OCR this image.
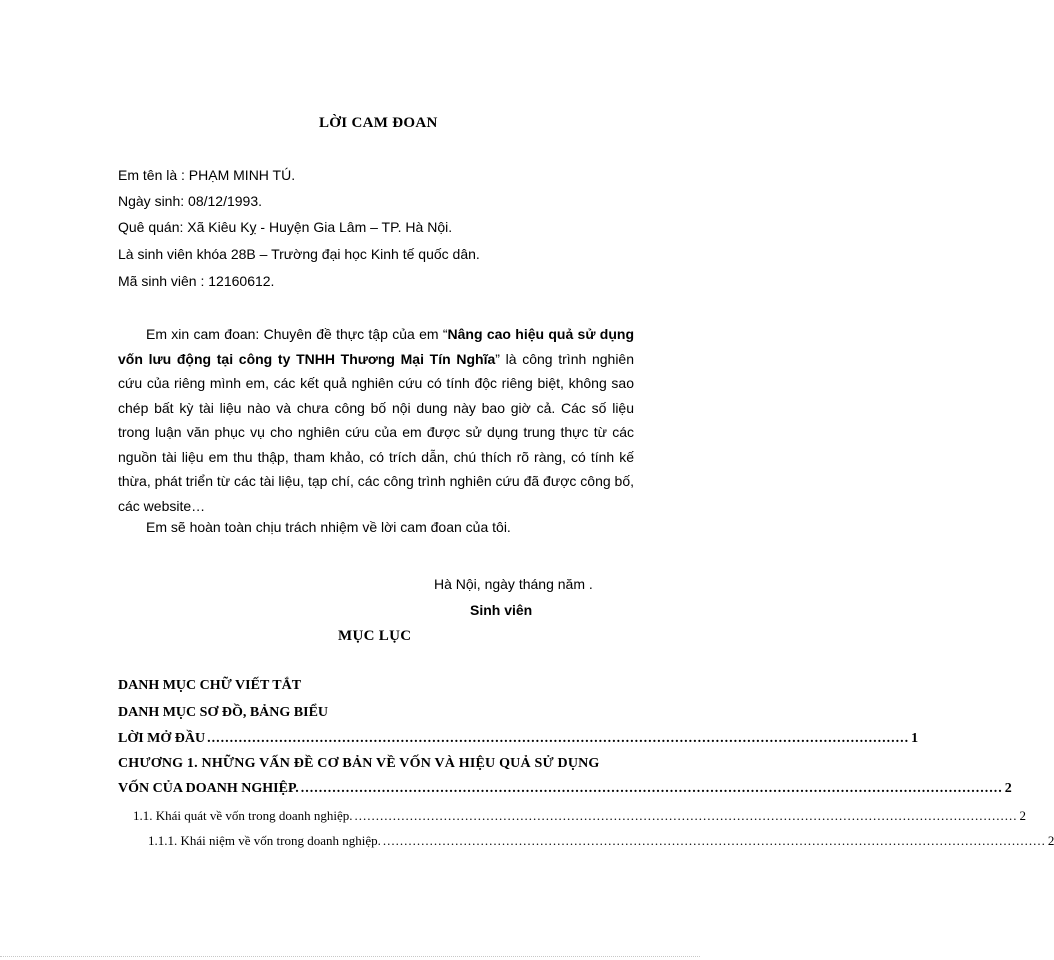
LỜI CAM ĐOAN
Em tên là : PHẠM MINH TÚ.
Ngày sinh: 08/12/1993.
Quê quán: Xã Kiêu Kỵ - Huyện Gia Lâm – TP. Hà Nội.
Là sinh viên khóa 28B – Trường đại học Kinh tế quốc dân.
Mã sinh viên : 12160612.
Em xin cam đoan: Chuyên đề thực tập của em “Nâng cao hiệu quả sử dụng vốn lưu động tại công ty TNHH Thương Mại Tín Nghĩa” là công trình nghiên cứu của riêng mình em, các kết quả nghiên cứu có tính độc riêng biệt, không sao chép bất kỳ tài liệu nào và chưa công bố nội dung này bao giờ cả. Các số liệu trong luận văn phục vụ cho nghiên cứu của em được sử dụng trung thực từ các nguồn tài liệu em thu thập, tham khảo, có trích dẫn, chú thích rõ ràng, có tính kế thừa, phát triển từ các tài liệu, tạp chí, các công trình nghiên cứu đã được công bố, các website…
Em sẽ hoàn toàn chịu trách nhiệm về lời cam đoan của tôi.
Hà Nội, ngày tháng năm .
Sinh viên
MỤC LỤC
DANH MỤC CHỮ VIẾT TẮT
DANH MỤC SƠ ĐỒ, BẢNG BIỂU
LỜI MỞ ĐẦU ............................................................................................................................................................ 1
CHƯƠNG 1. NHỮNG VẤN ĐỀ CƠ BẢN VỀ VỐN VÀ HIỆU QUẢ SỬ DỤNG
VỐN CỦA DOANH NGHIỆP. ............................................................................................................................................................ 2
1.1. Khái quát về vốn trong doanh nghiệp. ............................................................................................................................................................ 2
1.1.1. Khái niệm về vốn trong doanh nghiệp. ............................................................................................................................................................ 2
